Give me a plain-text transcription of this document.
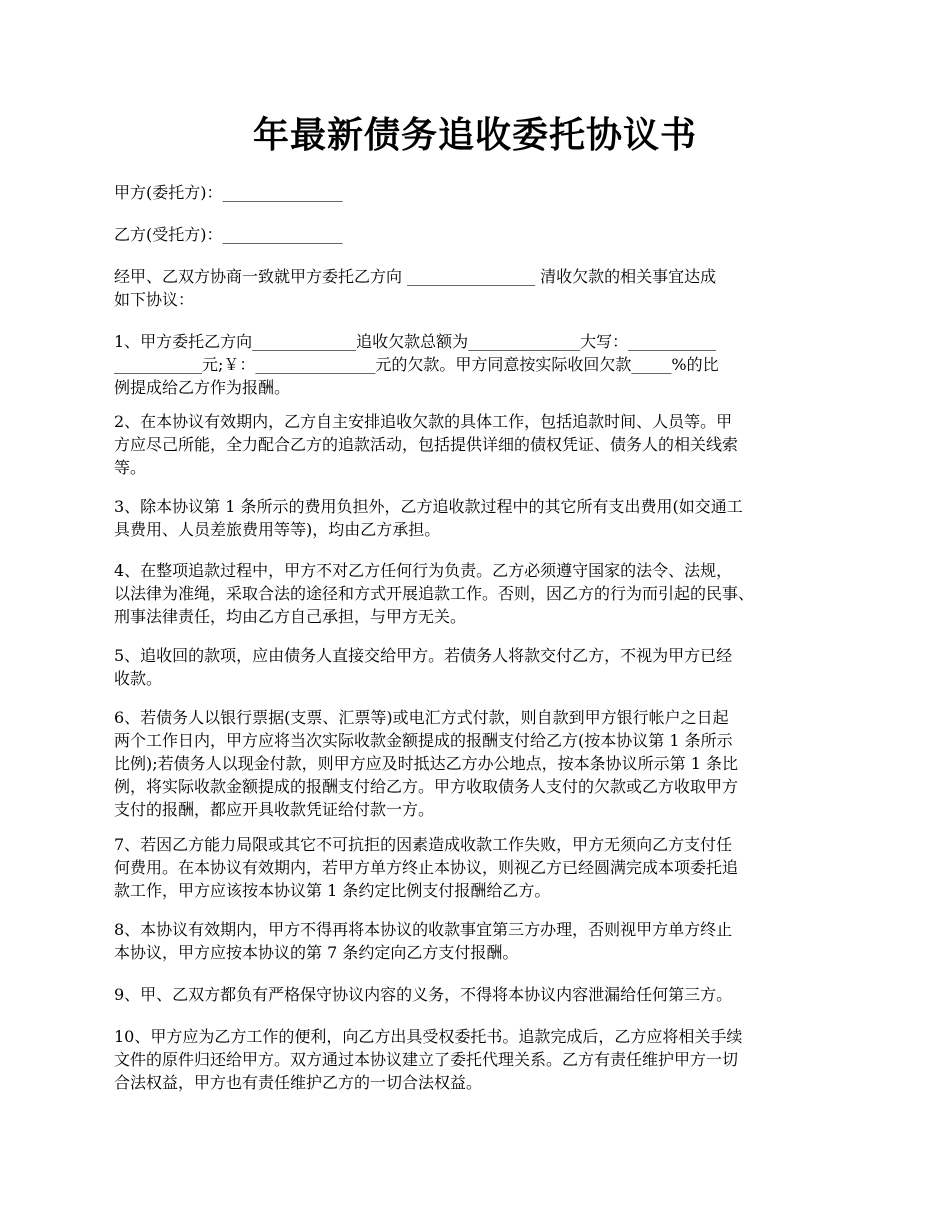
年最新债务追收委托协议书
甲方(委托方)：_______________
乙方(受托方)：_______________
经甲、乙双方协商一致就甲方委托乙方向 ________________ 清收欠款的相关事宜达成
如下协议：
1、甲方委托乙方向_____________追收欠款总额为______________大写：___________
___________元;￥：_______________元的欠款。甲方同意按实际收回欠款_____%的比
例提成给乙方作为报酬。
2、在本协议有效期内，乙方自主安排追收欠款的具体工作，包括追款时间、人员等。甲
方应尽己所能，全力配合乙方的追款活动，包括提供详细的债权凭证、债务人的相关线索
等。
3、除本协议第 1 条所示的费用负担外，乙方追收款过程中的其它所有支出费用(如交通工
具费用、人员差旅费用等等)，均由乙方承担。
4、在整项追款过程中，甲方不对乙方任何行为负责。乙方必须遵守国家的法令、法规，
以法律为准绳，采取合法的途径和方式开展追款工作。否则，因乙方的行为而引起的民事、
刑事法律责任，均由乙方自己承担，与甲方无关。
5、追收回的款项，应由债务人直接交给甲方。若债务人将款交付乙方，不视为甲方已经
收款。
6、若债务人以银行票据(支票、汇票等)或电汇方式付款，则自款到甲方银行帐户之日起
两个工作日内，甲方应将当次实际收款金额提成的报酬支付给乙方(按本协议第 1 条所示
比例);若债务人以现金付款，则甲方应及时抵达乙方办公地点，按本条协议所示第 1 条比
例，将实际收款金额提成的报酬支付给乙方。甲方收取债务人支付的欠款或乙方收取甲方
支付的报酬，都应开具收款凭证给付款一方。
7、若因乙方能力局限或其它不可抗拒的因素造成收款工作失败，甲方无须向乙方支付任
何费用。在本协议有效期内，若甲方单方终止本协议，则视乙方已经圆满完成本项委托追
款工作，甲方应该按本协议第 1 条约定比例支付报酬给乙方。
8、本协议有效期内，甲方不得再将本协议的收款事宜第三方办理，否则视甲方单方终止
本协议，甲方应按本协议的第 7 条约定向乙方支付报酬。
9、甲、乙双方都负有严格保守协议内容的义务，不得将本协议内容泄漏给任何第三方。
10、甲方应为乙方工作的便利，向乙方出具受权委托书。追款完成后，乙方应将相关手续
文件的原件归还给甲方。双方通过本协议建立了委托代理关系。乙方有责任维护甲方一切
合法权益，甲方也有责任维护乙方的一切合法权益。
